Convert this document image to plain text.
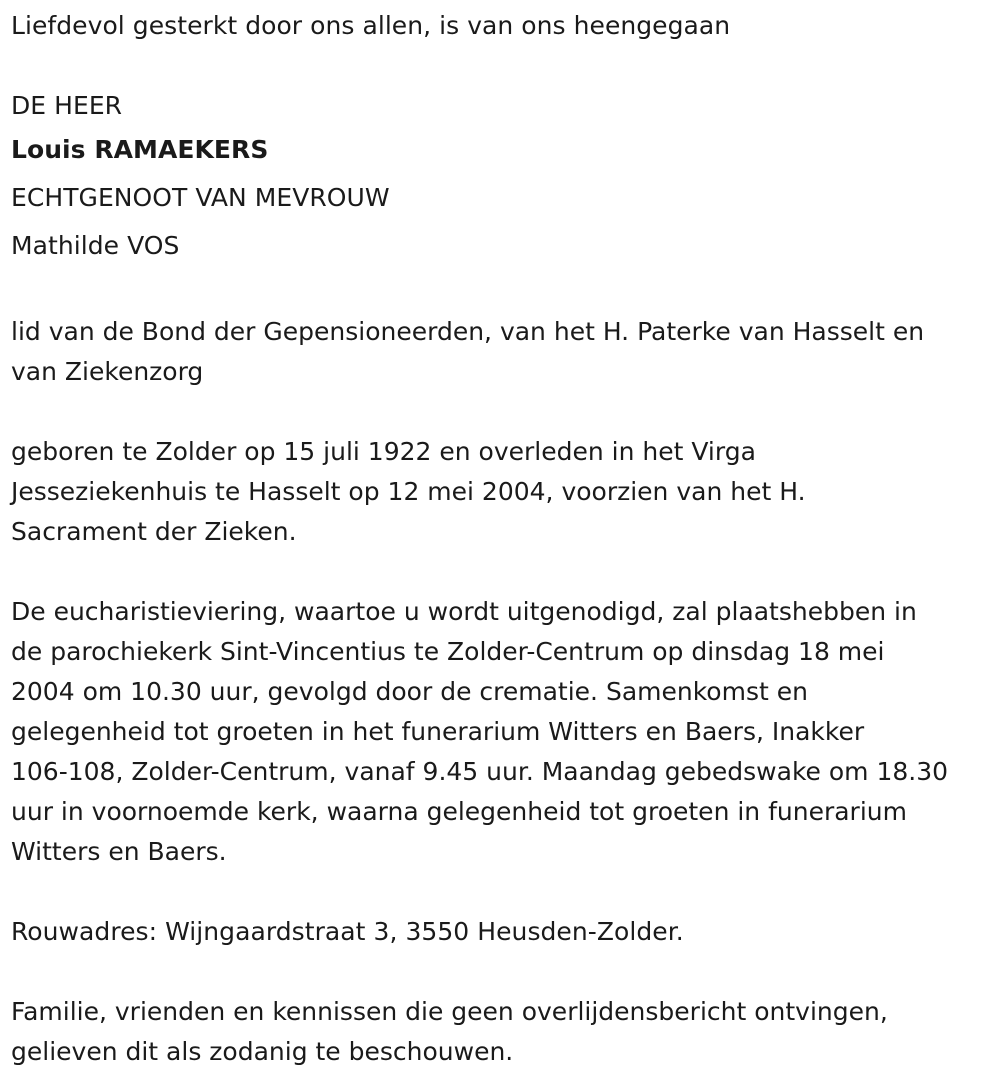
Liefdevol gesterkt door ons allen, is van ons heengegaan

DE HEER

Louis RAMAEKERS

ECHTGENOOT VAN MEVROUW

Mathilde VOS

lid van de Bond der Gepensioneerden, van het H. Paterke van Hasselt en
van Ziekenzorg

geboren te Zolder op 15 juli 1922 en overleden in het Virga
Jesseziekenhuis te Hasselt op 12 mei 2004, voorzien van het H.
Sacrament der Zieken.

De eucharistieviering, waartoe u wordt uitgenodigd, zal plaatshebben in
de parochiekerk Sint-Vincentius te Zolder-Centrum op dinsdag 18 mei
2004 om 10.30 uur, gevolgd door de crematie. Samenkomst en
gelegenheid tot groeten in het funerarium Witters en Baers, Inakker
106-108, Zolder-Centrum, vanaf 9.45 uur. Maandag gebedswake om 18.30
uur in voornoemde kerk, waarna gelegenheid tot groeten in funerarium
Witters en Baers.

Rouwadres: Wijngaardstraat 3, 3550 Heusden-Zolder.

Familie, vrienden en kennissen die geen overlijdensbericht ontvingen,
gelieven dit als zodanig te beschouwen.
